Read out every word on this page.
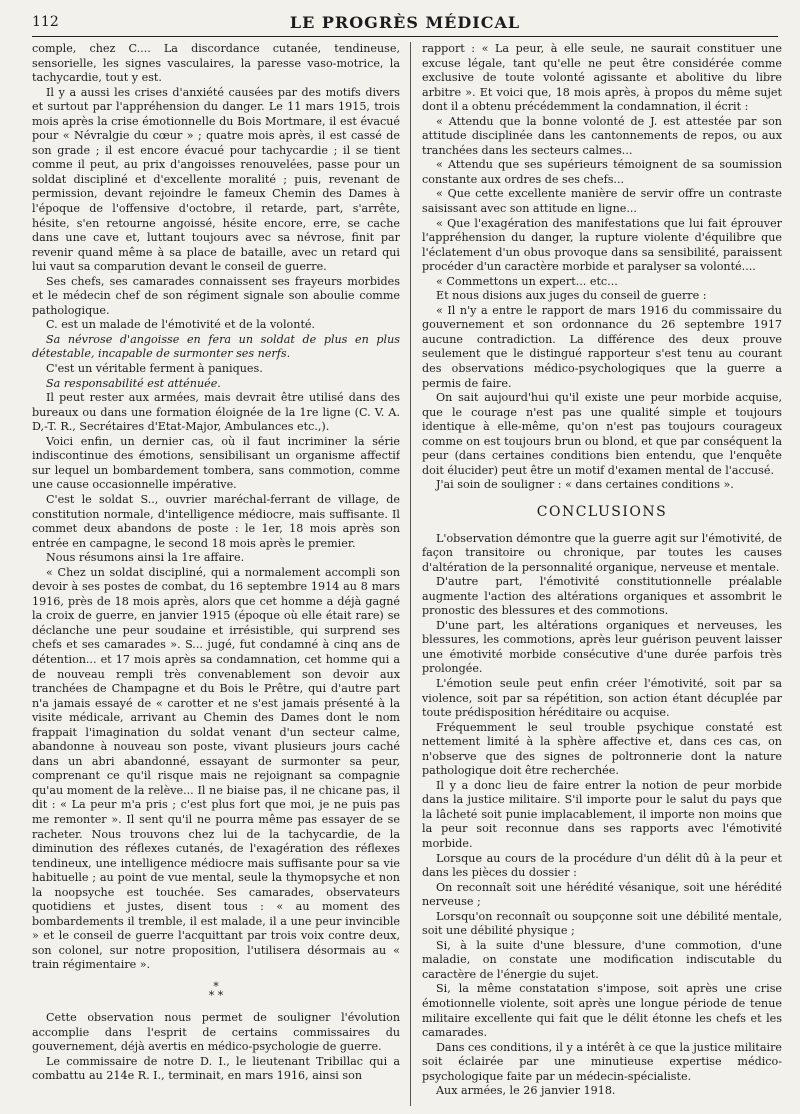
112	LE PROGRÈS MÉDICAL

comple, chez C.... La discordance cutanée, tendineuse, sensorielle, les signes vasculaires, la paresse vaso-motrice, la tachycardie, tout y est.

Il y a aussi les crises d'anxiété causées par des motifs divers et surtout par l'appréhension du danger. Le 11 mars 1915, trois mois après la crise émotionnelle du Bois Mortmare, il est évacué pour « Névralgie du cœur » ; quatre mois après, il est cassé de son grade ; il est encore évacué pour tachycardie ; il se tient comme il peut, au prix d'angoisses renouvelées, passe pour un soldat discipliné et d'excellente moralité ; puis, revenant de permission, devant rejoindre le fameux Chemin des Dames à l'époque de l'offensive d'octobre, il retarde, part, s'arrête, hésite, s'en retourne angoissé, hésite encore, erre, se cache dans une cave et, luttant toujours avec sa névrose, finit par revenir quand même à sa place de bataille, avec un retard qui lui vaut sa comparution devant le conseil de guerre.

Ses chefs, ses camarades connaissent ses frayeurs morbides et le médecin chef de son régiment signale son aboulie comme pathologique.

C. est un malade de l'émotivité et de la volonté.

Sa névrose d'angoisse en fera un soldat de plus en plus détestable, incapable de surmonter ses nerfs.

C'est un véritable ferment à paniques.

Sa responsabilité est atténuée.

Il peut rester aux armées, mais devrait être utilisé dans des bureaux ou dans une formation éloignée de la 1re ligne (C. V. A. D,-T. R., Secrétaires d'Etat-Major, Ambulances etc.,).

Voici enfin, un dernier cas, où il faut incriminer la série indiscontinue des émotions, sensibilisant un organisme affectif sur lequel un bombardement tombera, sans commotion, comme une cause occasionnelle impérative.

C'est le soldat S.., ouvrier maréchal-ferrant de village, de constitution normale, d'intelligence médiocre, mais suffisante. Il commet deux abandons de poste : le 1er, 18 mois après son entrée en campagne, le second 18 mois après le premier.

Nous résumons ainsi la 1re affaire.

« Chez un soldat discipliné, qui a normalement accompli son devoir à ses postes de combat, du 16 septembre 1914 au 8 mars 1916, près de 18 mois après, alors que cet homme a déjà gagné la croix de guerre, en janvier 1915 (époque où elle était rare) se déclanche une peur soudaine et irrésistible, qui surprend ses chefs et ses camarades ». S... jugé, fut condamné à cinq ans de détention... et 17 mois après sa condamnation, cet homme qui a de nouveau rempli très convenablement son devoir aux tranchées de Champagne et du Bois le Prêtre, qui d'autre part n'a jamais essayé de « carotter et ne s'est jamais présenté à la visite médicale, arrivant au Chemin des Dames dont le nom frappait l'imagination du soldat venant d'un secteur calme, abandonne à nouveau son poste, vivant plusieurs jours caché dans un abri abandonné, essayant de surmonter sa peur, comprenant ce qu'il risque mais ne rejoignant sa compagnie qu'au moment de la relève... Il ne biaise pas, il ne chicane pas, il dit : « La peur m'a pris ; c'est plus fort que moi, je ne puis pas me remonter ». Il sent qu'il ne pourra même pas essayer de se racheter. Nous trouvons chez lui de la tachycardie, de la diminution des réflexes cutanés, de l'exagération des réflexes tendineux, une intelligence médiocre mais suffisante pour sa vie habituelle ; au point de vue mental, seule la thymopsyche et non la noopsyche est touchée. Ses camarades, observateurs quotidiens et justes, disent tous : « au moment des bombardements il tremble, il est malade, il a une peur invincible » et le conseil de guerre l'acquittant par trois voix contre deux, son colonel, sur notre proposition, l'utilisera désormais au « train régimentaire ».

*
* *

Cette observation nous permet de souligner l'évolution accomplie dans l'esprit de certains commissaires du gouvernement, déjà avertis en médico-psychologie de guerre.

Le commissaire de notre D. I., le lieutenant Tribillac qui a combattu au 214e R. I., terminait, en mars 1916, ainsi son

rapport : « La peur, à elle seule, ne saurait constituer une excuse légale, tant qu'elle ne peut être considérée comme exclusive de toute volonté agissante et abolitive du libre arbitre ». Et voici que, 18 mois après, à propos du même sujet dont il a obtenu précédemment la condamnation, il écrit :

« Attendu que la bonne volonté de J. est attestée par son attitude disciplinée dans les cantonnements de repos, ou aux tranchées dans les secteurs calmes...

« Attendu que ses supérieurs témoignent de sa soumission constante aux ordres de ses chefs...

« Que cette excellente manière de servir offre un contraste saisissant avec son attitude en ligne...

« Que l'exagération des manifestations que lui fait éprouver l'appréhension du danger, la rupture violente d'équilibre que l'éclatement d'un obus provoque dans sa sensibilité, paraissent procéder d'un caractère morbide et paralyser sa volonté....

« Commettons un expert... etc...

Et nous disions aux juges du conseil de guerre :

« Il n'y a entre le rapport de mars 1916 du commissaire du gouvernement et son ordonnance du 26 septembre 1917 aucune contradiction. La différence des deux prouve seulement que le distingué rapporteur s'est tenu au courant des observations médico-psychologiques que la guerre a permis de faire.

On sait aujourd'hui qu'il existe une peur morbide acquise, que le courage n'est pas une qualité simple et toujours identique à elle-même, qu'on n'est pas toujours courageux comme on est toujours brun ou blond, et que par conséquent la peur (dans certaines conditions bien entendu, que l'enquête doit élucider) peut être un motif d'examen mental de l'accusé.

J'ai soin de souligner : « dans certaines conditions ».

CONCLUSIONS

L'observation démontre que la guerre agit sur l'émotivité, de façon transitoire ou chronique, par toutes les causes d'altération de la personnalité organique, nerveuse et mentale.

D'autre part, l'émotivité constitutionnelle préalable augmente l'action des altérations organiques et assombrit le pronostic des blessures et des commotions.

D'une part, les altérations organiques et nerveuses, les blessures, les commotions, après leur guérison peuvent laisser une émotivité morbide consécutive d'une durée parfois très prolongée.

L'émotion seule peut enfin créer l'émotivité, soit par sa violence, soit par sa répétition, son action étant décuplée par toute prédisposition héréditaire ou acquise.

Fréquemment le seul trouble psychique constaté est nettement limité à la sphère affective et, dans ces cas, on n'observe que des signes de poltronnerie dont la nature pathologique doit être recherchée.

Il y a donc lieu de faire entrer la notion de peur morbide dans la justice militaire. S'il importe pour le salut du pays que la lâcheté soit punie implacablement, il importe non moins que la peur soit reconnue dans ses rapports avec l'émotivité morbide.

Lorsque au cours de la procédure d'un délit dû à la peur et dans les pièces du dossier :

On reconnaît soit une hérédité vésanique, soit une hérédité nerveuse ;

Lorsqu'on reconnaît ou soupçonne soit une débilité mentale, soit une débilité physique ;

Si, à la suite d'une blessure, d'une commotion, d'une maladie, on constate une modification indiscutable du caractère de l'énergie du sujet.

Si, la même constatation s'impose, soit après une crise émotionnelle violente, soit après une longue période de tenue militaire excellente qui fait que le délit étonne les chefs et les camarades.

Dans ces conditions, il y a intérêt à ce que la justice militaire soit éclairée par une minutieuse expertise médico-psychologique faite par un médecin-spécialiste.

Aux armées, le 26 janvier 1918.
